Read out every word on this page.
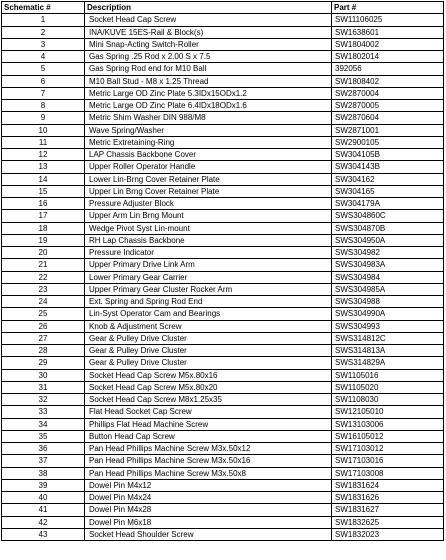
Schematic #	Description	Part #
1	Socket Head Cap Screw	SW11106025
2	INA/KUVE 15ES-Rail & Block(s)	SW1638601
3	Mini Snap-Acting Switch-Roller	SW1804002
4	Gas Spring .25 Rod x 2.00 S x 7.5	SW1802014
5	Gas Spring Rod end for M10 Ball	392056
6	M10 Ball Stud - M8 x 1.25 Thread	SW1808402
7	Metric Large OD Zinc Plate 5.3IDx15ODx1.2	SW2870004
8	Metric Large OD Zinc Plate 6.4IDx18ODx1.6	SW2870005
9	Metric Shim Washer DIN 988/M8	SW2870604
10	Wave Spring/Washer	SW2871001
11	Metric Extretaining-Ring	SW2900105
12	LAP Chassis Backbone Cover	SW304105B
13	Upper Roller Operator Handle	SW304143B
14	Lower Lin-Brng Cover Retainer Plate	SW304162
15	Upper Lin Brng Cover Retainer Plate	SW304165
16	Pressure Adjuster Block	SW304179A
17	Upper Arm Lin Brng Mount	SWS304860C
18	Wedge Pivot Syst Lin-mount	SWS304870B
19	RH Lap Chassis Backbone	SWS304950A
20	Pressure Indicator	SWS304982
21	Upper Primary Drive Link Arm	SWS304983A
22	Lower Primary Gear Carrier	SWS304984
23	Upper Primary Gear Cluster Rocker Arm	SWS304985A
24	Ext. Spring and Spring Rod End	SWS304988
25	Lin-Syst Operator Cam and Bearings	SWS304990A
26	Knob & Adjustment Screw	SWS304993
27	Gear & Pulley Drive Cluster	SWS314812C
28	Gear & Pulley Drive Cluster	SWS314813A
29	Gear & Pulley Drive Cluster	SWS314829A
30	Socket Head Cap Screw M5x.80x16	SW1105016
31	Socket Head Cap Screw M5x.80x20	SW1105020
32	Socket Head Cap Screw M8x1.25x35	SW1108030
33	Flat Head Socket Cap Screw	SW12105010
34	Phillips Flat Head Machine Screw	SW13103006
35	Button Head Cap Screw	SW16105012
36	Pan Head Phillips Machine Screw M3x.50x12	SW17103012
37	Pan Head Phillips Machine Screw M3x.50x16	SW17103016
38	Pan Head Phillips Machine Screw M3x.50x8	SW17103008
39	Dowel Pin M4x12	SW1831624
40	Dowel Pin M4x24	SW1831626
41	Dowel Pin M4x28	SW1831627
42	Dowel Pin M6x18	SW1832625
43	Socket Head Shoulder Screw	SW1832023
